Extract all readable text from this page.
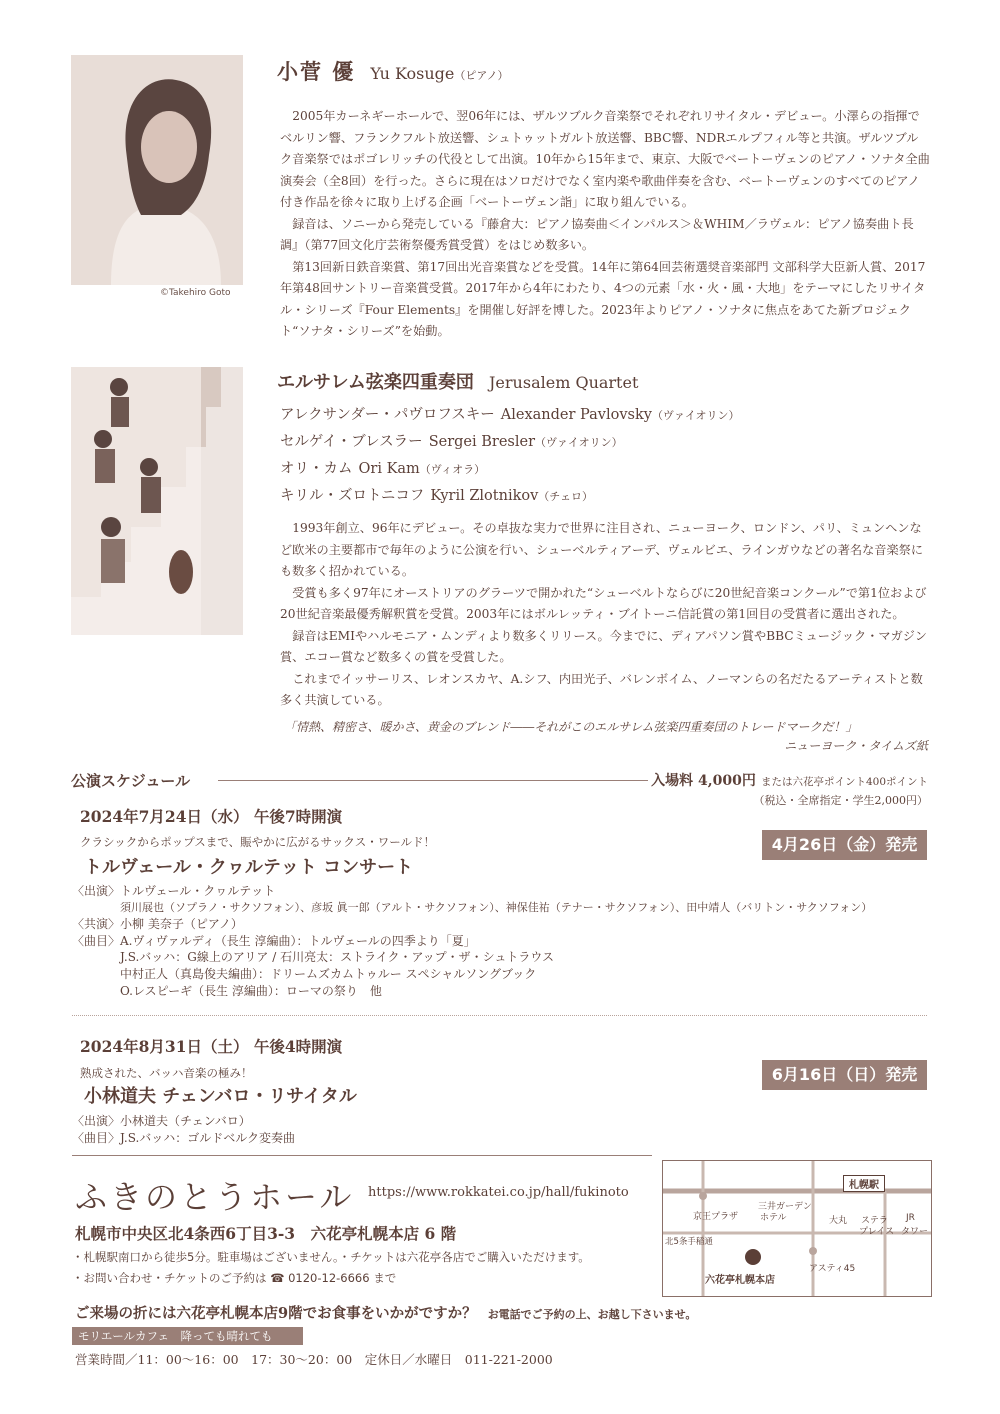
©Takehiro Goto
小菅 優 Yu Kosuge（ピアノ）

2005年カーネギーホールで、翌06年には、ザルツブルク音楽祭でそれぞれリサイタル・デビュー。小澤らの指揮でベルリン響、フランクフルト放送響、シュトゥットガルト放送響、BBC響、NDRエルプフィル等と共演。ザルツブルク音楽祭ではポゴレリッチの代役として出演。10年から15年まで、東京、大阪でベートーヴェンのピアノ・ソナタ全曲演奏会（全8回）を行った。さらに現在はソロだけでなく室内楽や歌曲伴奏を含む、ベートーヴェンのすべてのピアノ付き作品を徐々に取り上げる企画「ベートーヴェン詣」に取り組んでいる。

録音は、ソニーから発売している『藤倉大：ピアノ協奏曲＜インパルス＞＆WHIM／ラヴェル：ピアノ協奏曲ト長調』（第77回文化庁芸術祭優秀賞受賞）をはじめ数多い。

第13回新日鉄音楽賞、第17回出光音楽賞などを受賞。14年に第64回芸術選奨音楽部門 文部科学大臣新人賞、2017年第48回サントリー音楽賞受賞。2017年から4年にわたり、4つの元素「水・火・風・大地」をテーマにしたリサイタル・シリーズ『Four Elements』を開催し好評を博した。2023年よりピアノ・ソナタに焦点をあてた新プロジェクト“ソナタ・シリーズ”を始動。

エルサレム弦楽四重奏団 Jerusalem Quartet
アレクサンダー・パヴロフスキー Alexander Pavlovsky（ヴァイオリン）
セルゲイ・ブレスラー Sergei Bresler（ヴァイオリン）
オリ・カム Ori Kam（ヴィオラ）
キリル・ズロトニコフ Kyril Zlotnikov（チェロ）

1993年創立、96年にデビュー。その卓抜な実力で世界に注目され、ニューヨーク、ロンドン、パリ、ミュンヘンなど欧米の主要都市で毎年のように公演を行い、シューベルティアーデ、ヴェルビエ、ラインガウなどの著名な音楽祭にも数多く招かれている。

受賞も多く97年にオーストリアのグラーツで開かれた“シューベルトならびに20世紀音楽コンクール”で第1位および20世紀音楽最優秀解釈賞を受賞。2003年にはボルレッティ・ブイトーニ信託賞の第1回目の受賞者に選出された。

録音はEMIやハルモニア・ムンディより数多くリリース。今までに、ディアパソン賞やBBCミュージック・マガジン賞、エコー賞など数多くの賞を受賞した。

これまでイッサーリス、レオンスカヤ、A.シフ、内田光子、バレンボイム、ノーマンらの名だたるアーティストと数多く共演している。

「情熱、精密さ、暖かさ、黄金のブレンド――それがこのエルサレム弦楽四重奏団のトレードマークだ！」
ニューヨーク・タイムズ紙
公演スケジュール	入場料 4,000円 または六花亭ポイント400ポイント
（税込・全席指定・学生2,000円）
2024年7月24日（水） 午後7時開演
クラシックからポップスまで、賑やかに広がるサックス・ワールド！
トルヴェール・クヮルテット コンサート
4月26日（金）発売
〈出演〉トルヴェール・クヮルテット
須川展也（ソプラノ・サクソフォン）、彦坂 眞一郎（アルト・サクソフォン）、神保佳祐（テナー・サクソフォン）、田中靖人（バリトン・サクソフォン）
〈共演〉小柳 美奈子（ピアノ）
〈曲目〉A.ヴィヴァルディ（長生 淳編曲）：トルヴェールの四季より「夏」
J.S.バッハ：G線上のアリア / 石川亮太：ストライク・アップ・ザ・シュトラウス
中村正人（真島俊夫編曲）：ドリームズカムトゥルー スペシャルソングブック
O.レスピーギ（長生 淳編曲）：ローマの祭り　他
2024年8月31日（土） 午後4時開演
熟成された、バッハ音楽の極み！
小林道夫 チェンバロ・リサイタル
6月16日（日）発売
〈出演〉小林道夫（チェンバロ）
〈曲目〉J.S.バッハ：ゴルドベルク変奏曲
ふきのとうホール https://www.rokkatei.co.jp/hall/fukinoto
札幌市中央区北4条西6丁目3-3　六花亭札幌本店 6 階
・札幌駅南口から徒歩5分。駐車場はございません。・チケットは六花亭各店でご購入いただけます。
・お問い合わせ・チケットのご予約は ☎ 0120-12-6666 まで
札幌駅
京王プラザ
三井ガーデン
ホテル	大丸 ステラ
プレイス
JR
タワー
北5条手稲通
アスティ45
六花亭札幌本店
ご来場の折には六花亭札幌本店9階でお食事をいかがですか？ お電話でご予約の上、お越し下さいませ。
モリエールカフェ　降っても晴れても
営業時間／11：00〜16：00　17：30〜20：00　定休日／水曜日　011-221-2000
